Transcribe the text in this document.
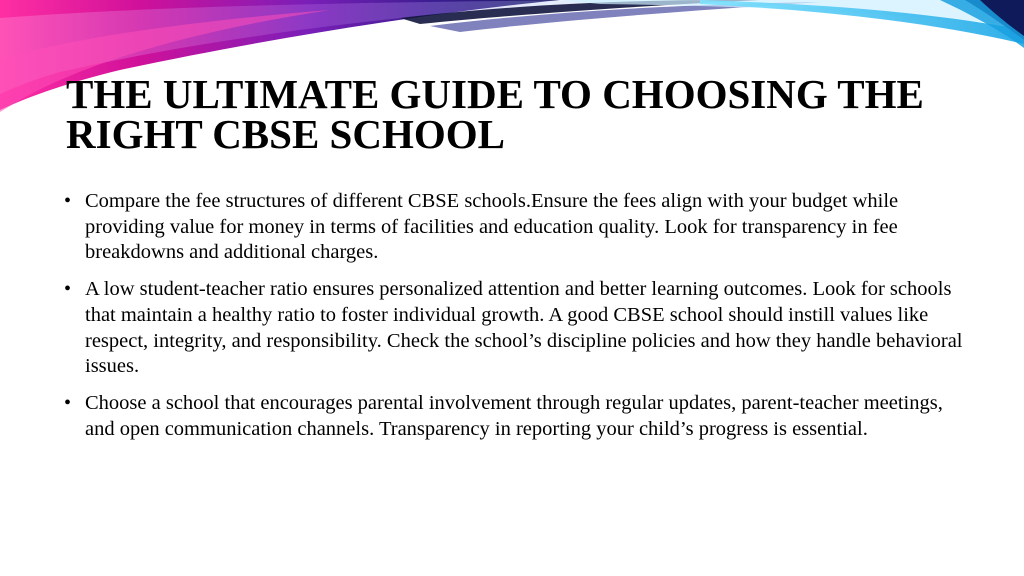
THE ULTIMATE GUIDE TO CHOOSING THE RIGHT CBSE SCHOOL
• Compare the fee structures of different CBSE schools.Ensure the fees align with your budget while providing value for money in terms of facilities and education quality. Look for transparency in fee breakdowns and additional charges.
• A low student-teacher ratio ensures personalized attention and better learning outcomes. Look for schools that maintain a healthy ratio to foster individual growth. A good CBSE school should instill values like respect, integrity, and responsibility. Check the school’s discipline policies and how they handle behavioral issues.
• Choose a school that encourages parental involvement through regular updates, parent-teacher meetings, and open communication channels. Transparency in reporting your child’s progress is essential.
